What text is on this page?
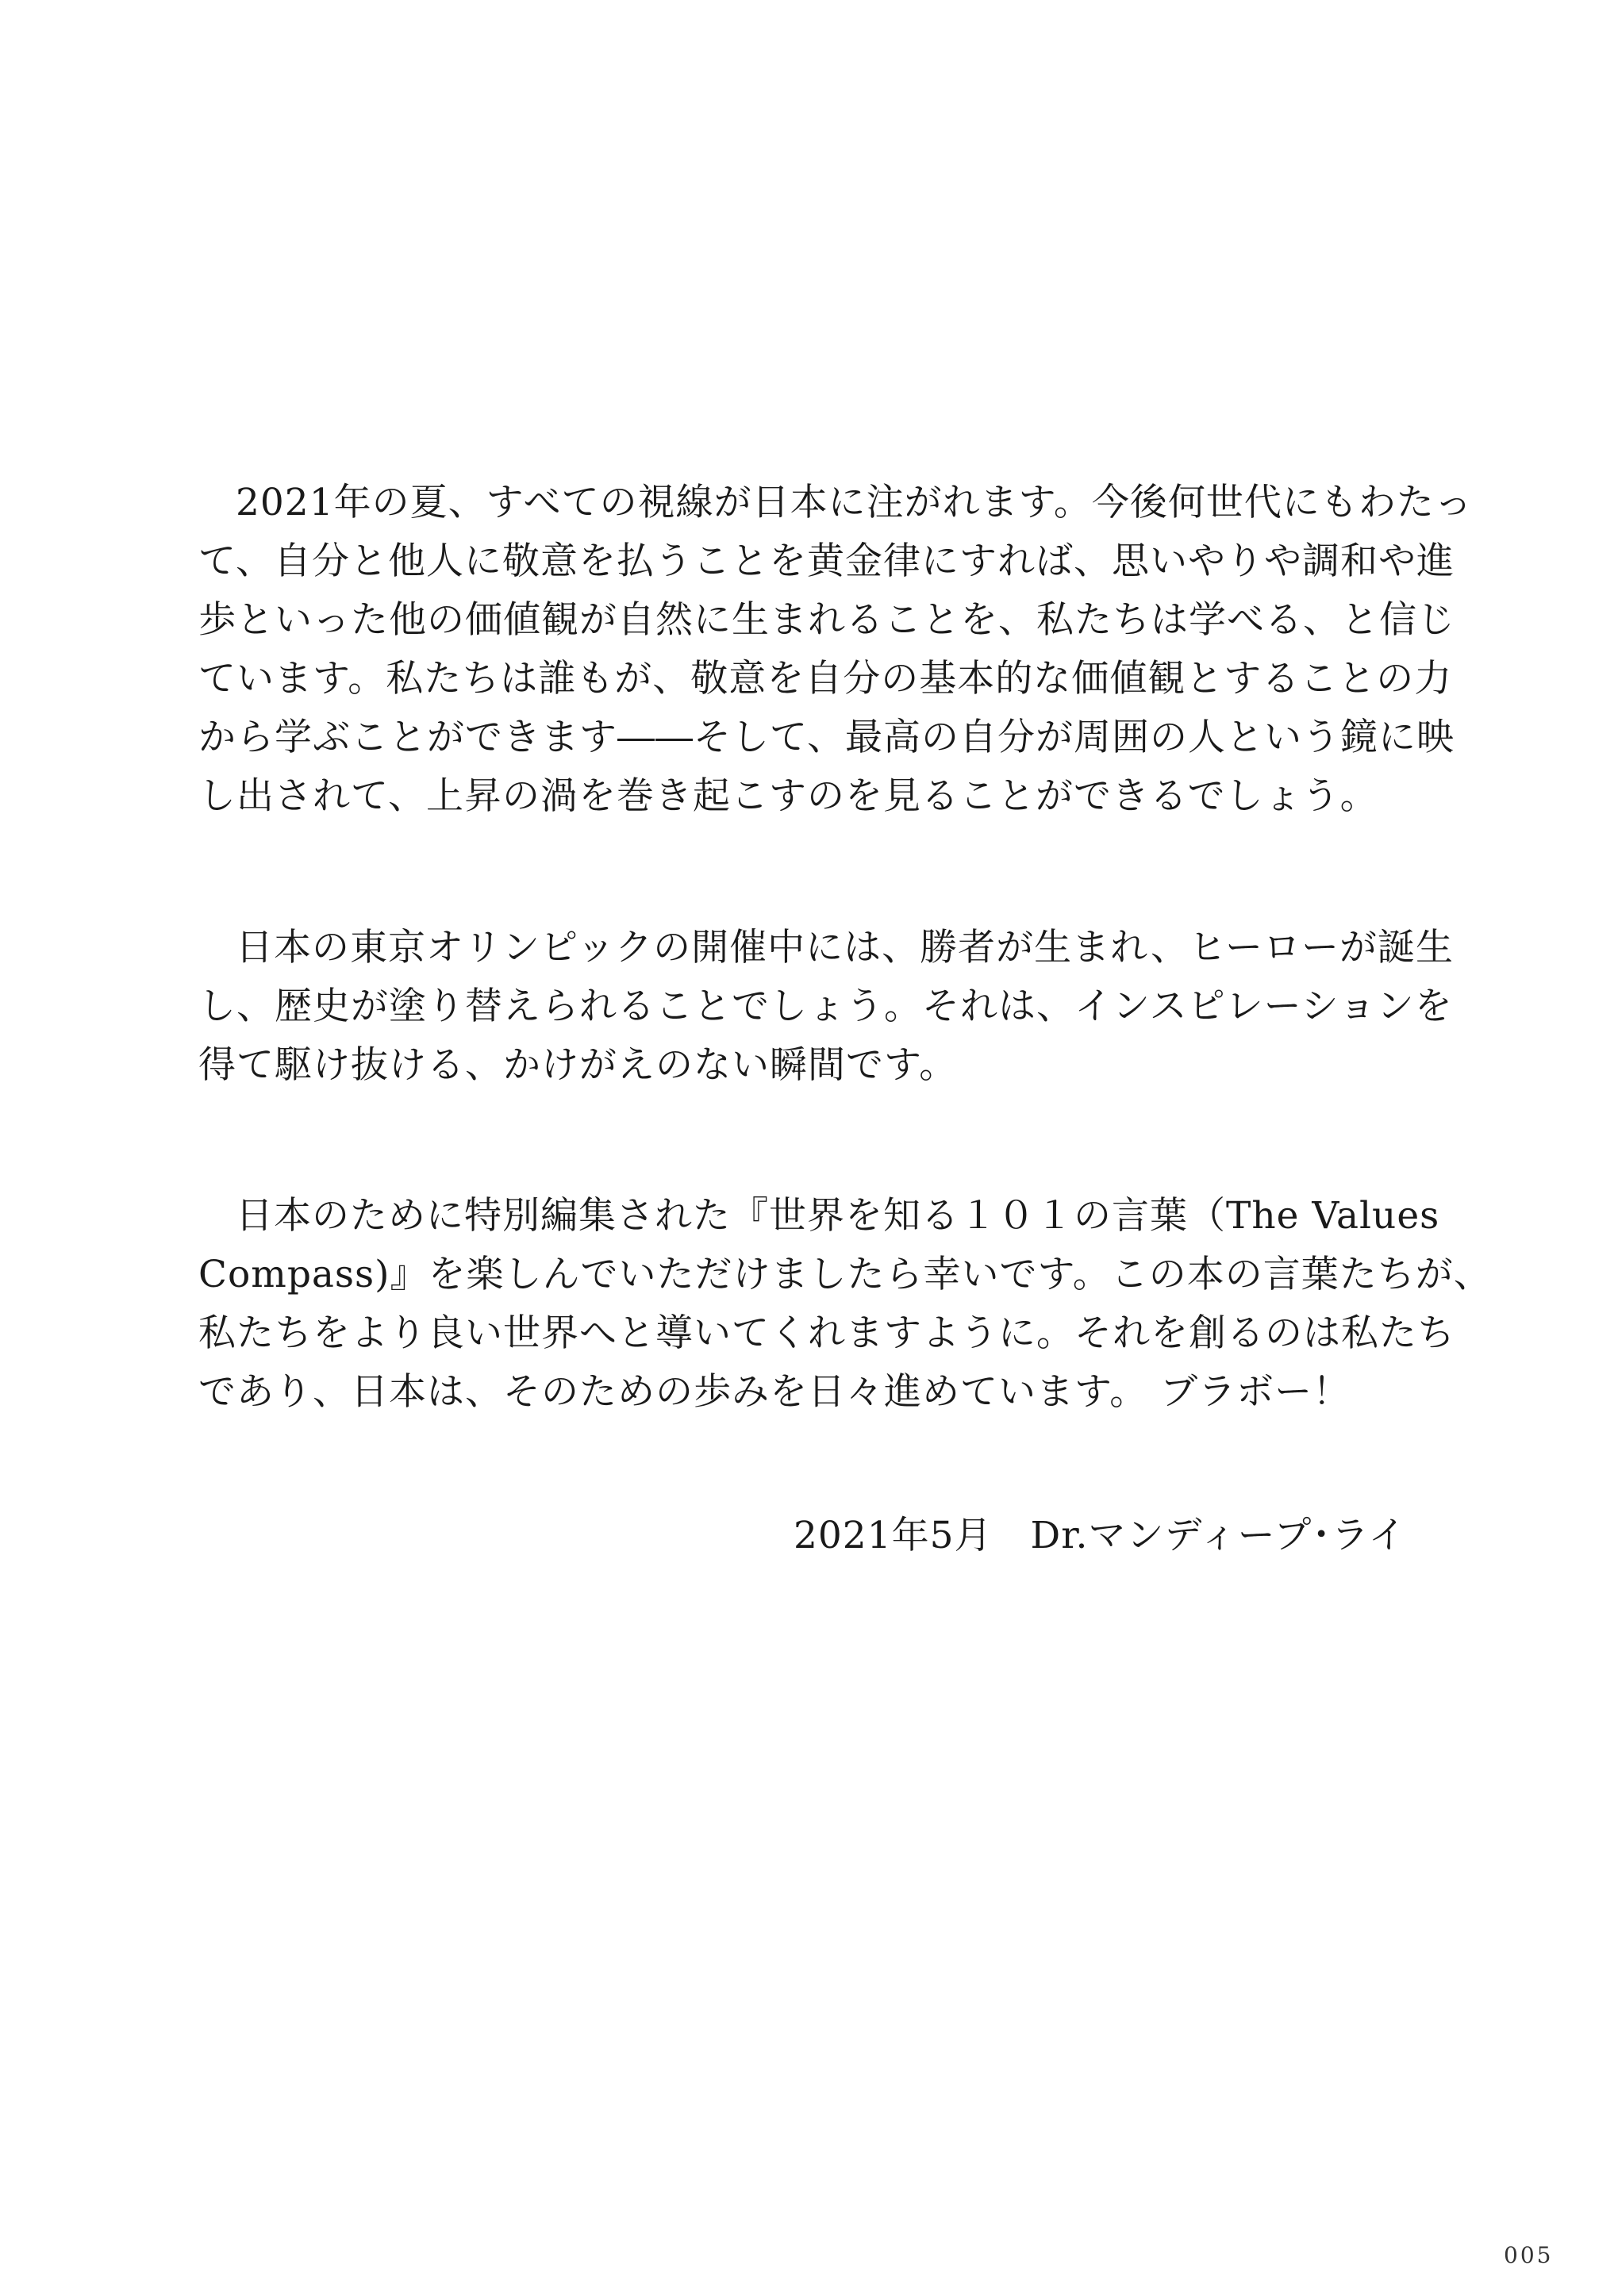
2021年の夏、すべての視線が日本に注がれます。今後何世代にもわたっ
て、自分と他人に敬意を払うことを黄金律にすれば、思いやりや調和や進
歩といった他の価値観が自然に生まれることを、私たちは学べる、と信じ
ています。私たちは誰もが、敬意を自分の基本的な価値観とすることの力
から学ぶことができます――そして、最高の自分が周囲の人という鏡に映
し出されて、上昇の渦を巻き起こすのを見ることができるでしょう。
日本の東京オリンピックの開催中には、勝者が生まれ、ヒーローが誕生
し、歴史が塗り替えられることでしょう。それは、インスピレーションを
得て駆け抜ける、かけがえのない瞬間です。
日本のために特別編集された『世界を知る１０１の言葉（The Values
Compass)』を楽しんでいただけましたら幸いです。この本の言葉たちが、
私たちをより良い世界へと導いてくれますように。それを創るのは私たち
であり、日本は、そのための歩みを日々進めています。 ブラボー！
2021年5月　Dr.マンディープ･ライ
005
